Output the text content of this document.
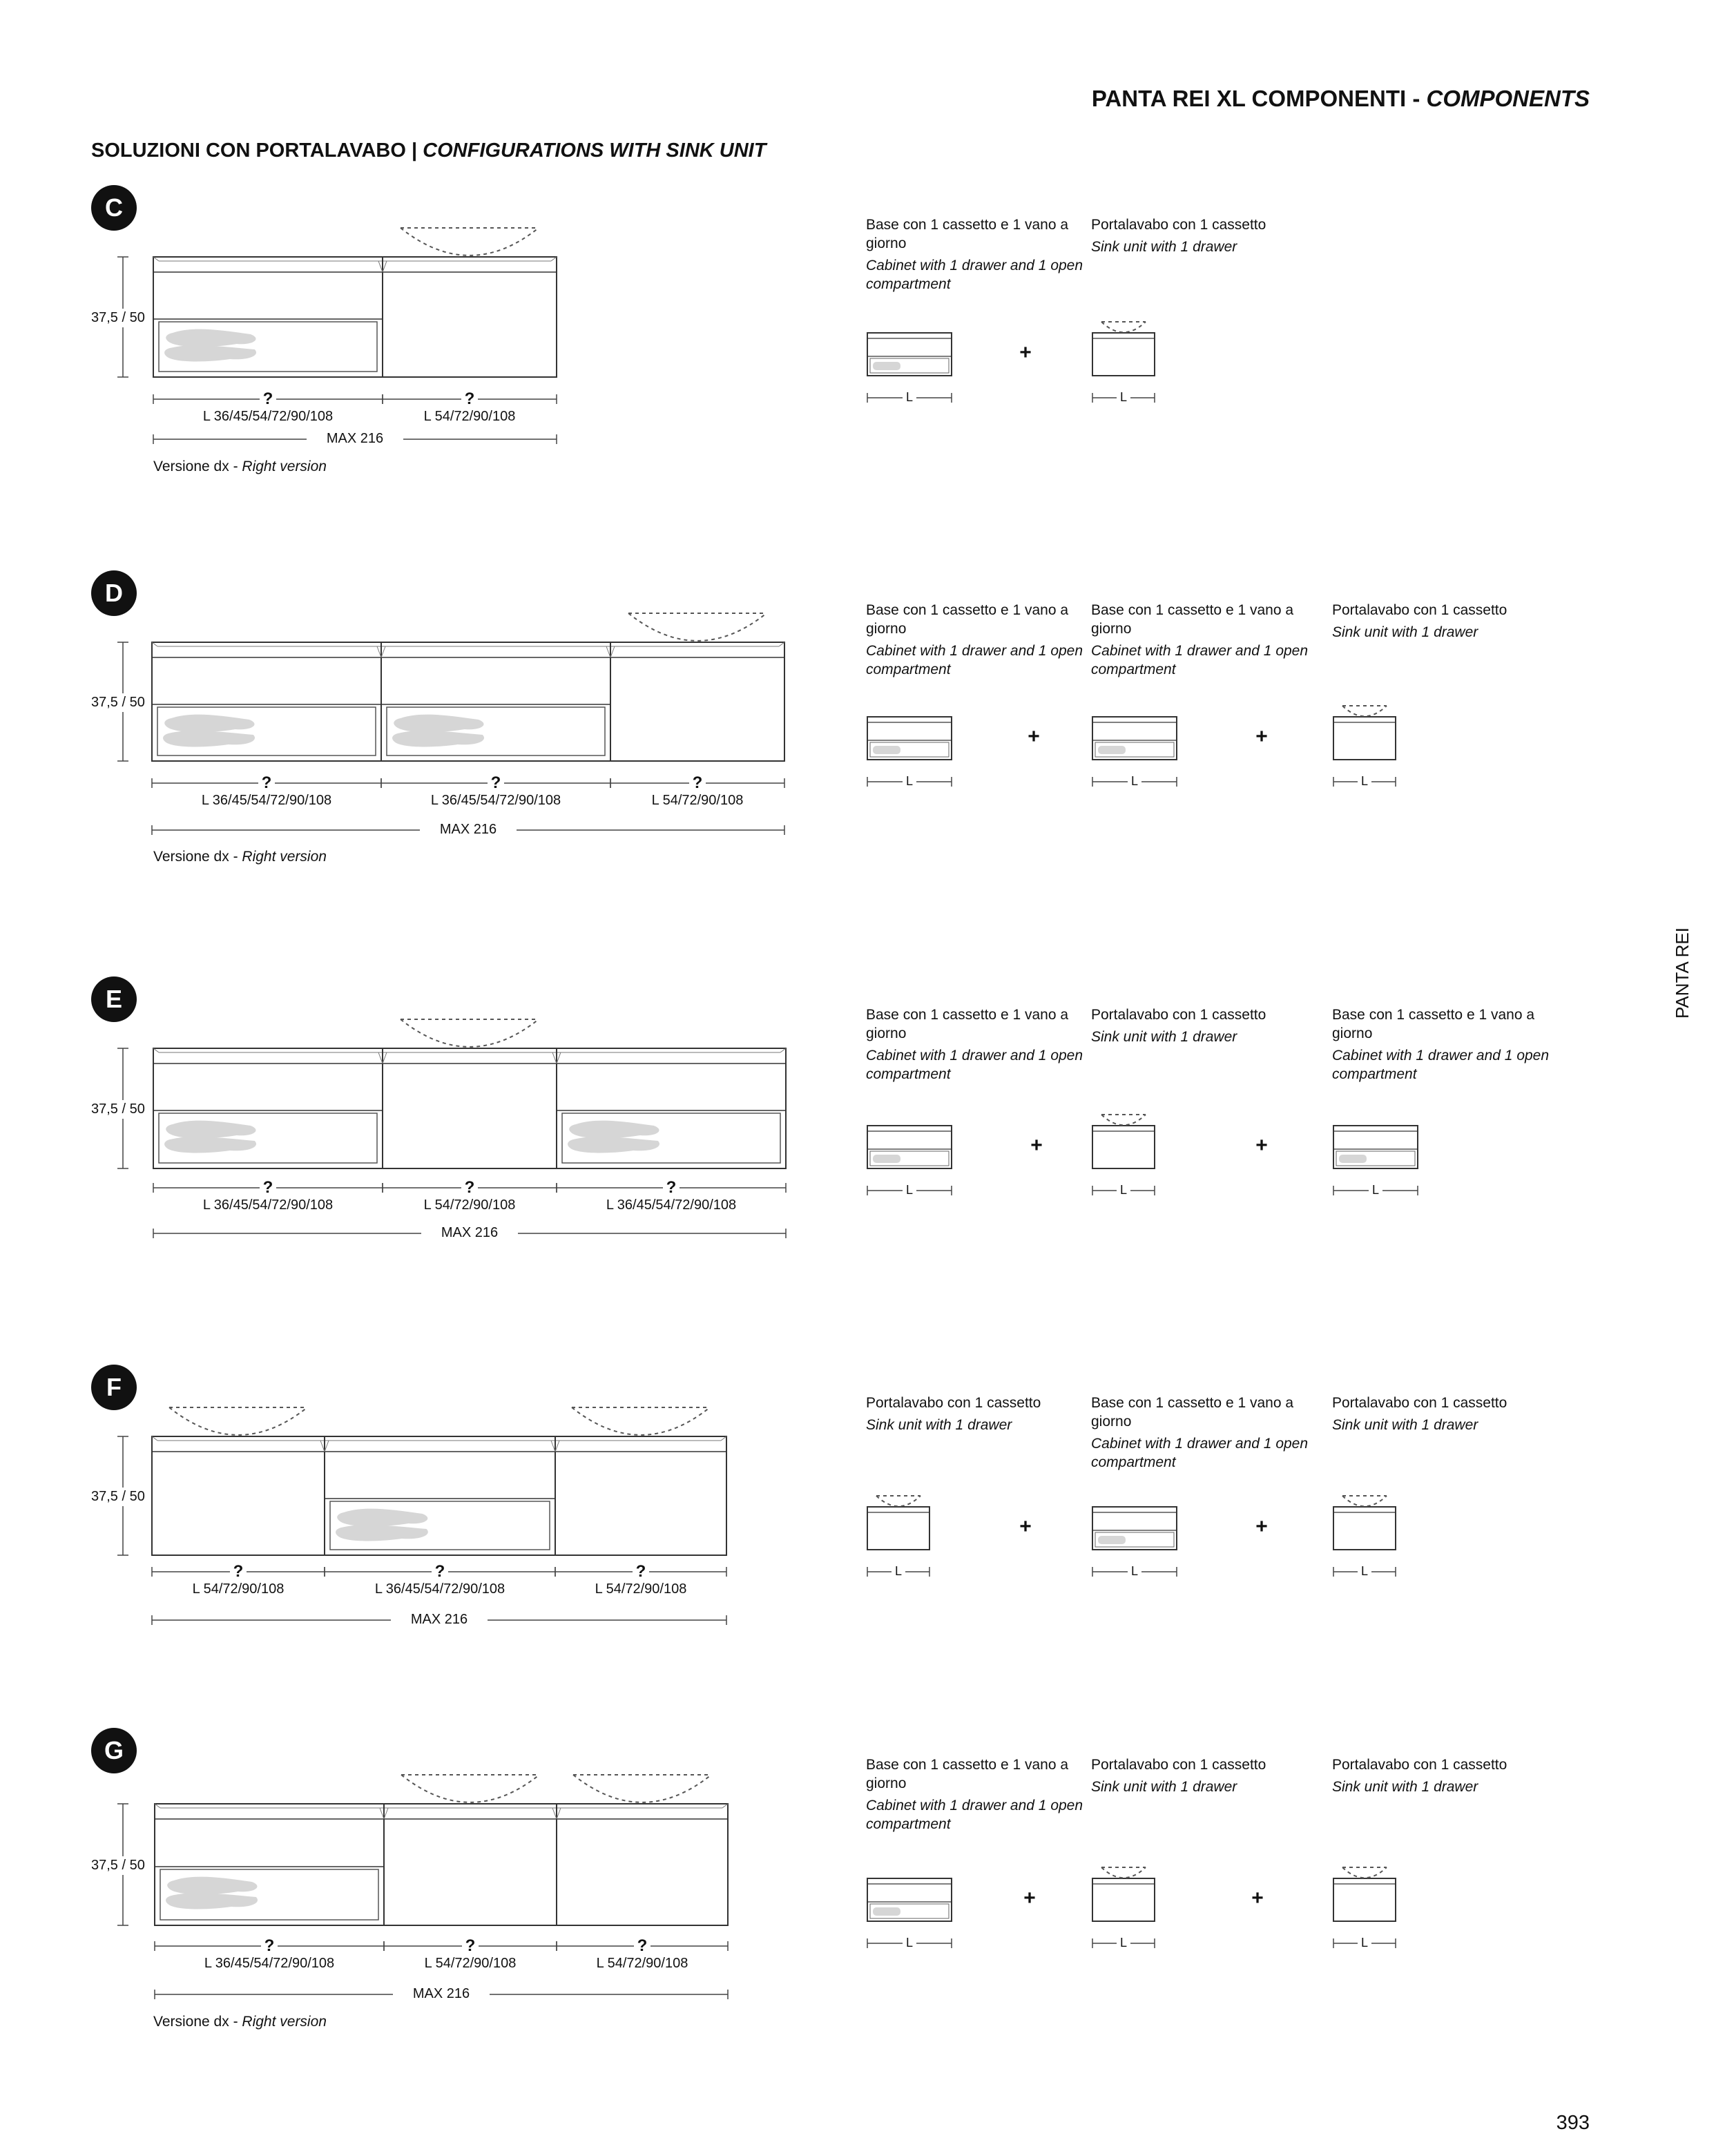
PANTA REI XL COMPONENTI - COMPONENTS
SOLUZIONI CON PORTALAVABO | CONFIGURATIONS WITH SINK UNIT
PANTA REI
393
C
37,5 / 50
?
L 36/45/54/72/90/108
?
L 54/72/90/108
MAX 216
Versione dx - Right version
Base con 1 cassetto e 1 vano a giorno
Cabinet with 1 drawer and 1 open compartment
L
Portalavabo con 1 cassetto
Sink unit with 1 drawer
L
+
D
37,5 / 50
?
L 36/45/54/72/90/108
?
L 36/45/54/72/90/108
?
L 54/72/90/108
MAX 216
Versione dx - Right version
Base con 1 cassetto e 1 vano a giorno
Cabinet with 1 drawer and 1 open compartment
L
Base con 1 cassetto e 1 vano a giorno
Cabinet with 1 drawer and 1 open compartment
L
Portalavabo con 1 cassetto
Sink unit with 1 drawer
L
+	+
E
37,5 / 50
?
L 36/45/54/72/90/108
?
L 54/72/90/108
?
L 36/45/54/72/90/108
MAX 216
Base con 1 cassetto e 1 vano a giorno
Cabinet with 1 drawer and 1 open compartment
L
Portalavabo con 1 cassetto
Sink unit with 1 drawer
L
Base con 1 cassetto e 1 vano a giorno
Cabinet with 1 drawer and 1 open compartment
L
+	+
F
37,5 / 50
?
L 54/72/90/108
?
L 36/45/54/72/90/108
?
L 54/72/90/108
MAX 216
Portalavabo con 1 cassetto
Sink unit with 1 drawer
L
Base con 1 cassetto e 1 vano a giorno
Cabinet with 1 drawer and 1 open compartment
L
Portalavabo con 1 cassetto
Sink unit with 1 drawer
L
+	+
G
37,5 / 50
?
L 36/45/54/72/90/108
?
L 54/72/90/108
?
L 54/72/90/108
MAX 216
Versione dx - Right version
Base con 1 cassetto e 1 vano a giorno
Cabinet with 1 drawer and 1 open compartment
L
Portalavabo con 1 cassetto
Sink unit with 1 drawer
L
Portalavabo con 1 cassetto
Sink unit with 1 drawer
L
+	+
